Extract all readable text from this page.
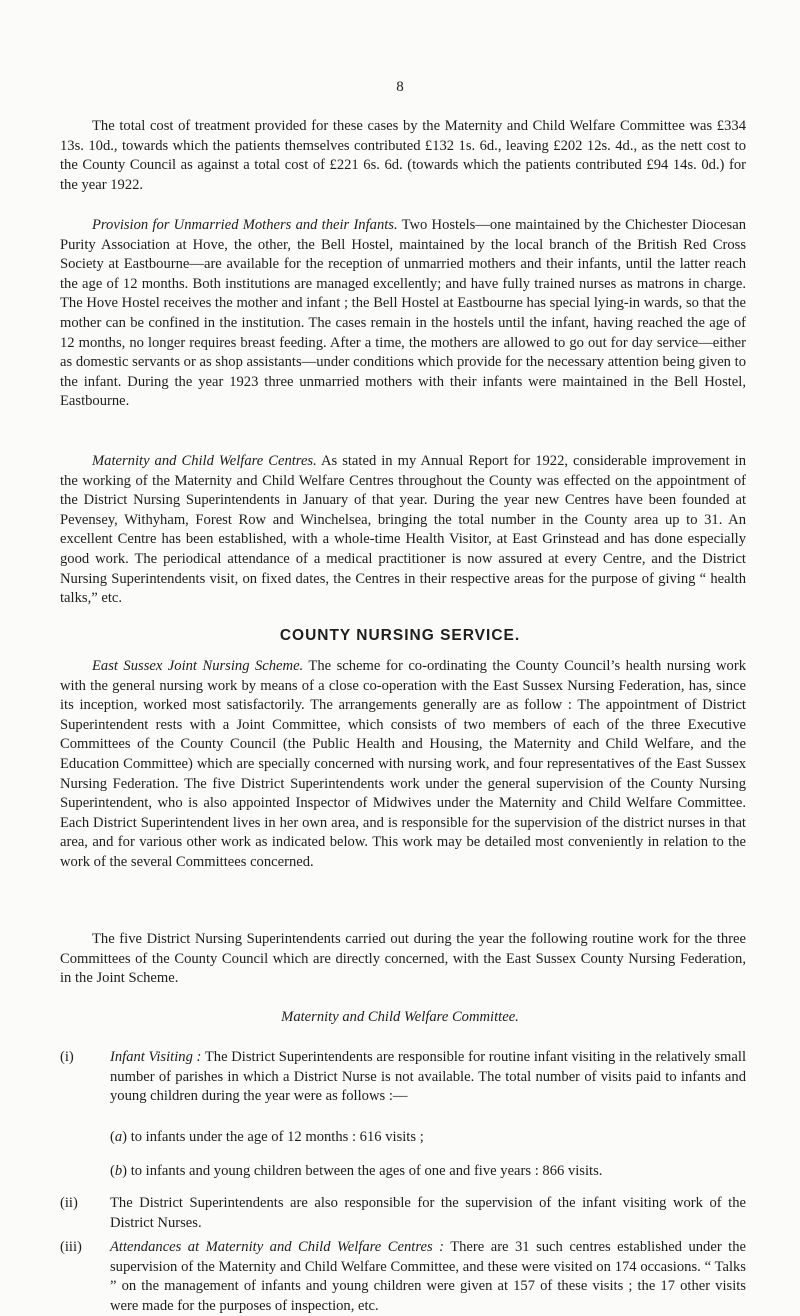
8

The total cost of treatment provided for these cases by the Maternity and Child Welfare Committee was £334 13s. 10d., towards which the patients themselves contributed £132 1s. 6d., leaving £202 12s. 4d., as the nett cost to the County Council as against a total cost of £221 6s. 6d. (towards which the patients contributed £94 14s. 0d.) for the year 1922.

Provision for Unmarried Mothers and their Infants. Two Hostels—one maintained by the Chichester Diocesan Purity Association at Hove, the other, the Bell Hostel, maintained by the local branch of the British Red Cross Society at Eastbourne—are available for the reception of unmarried mothers and their infants, until the latter reach the age of 12 months. Both institutions are managed excellently; and have fully trained nurses as matrons in charge. The Hove Hostel receives the mother and infant ; the Bell Hostel at Eastbourne has special lying-in wards, so that the mother can be confined in the institution. The cases remain in the hostels until the infant, having reached the age of 12 months, no longer requires breast feeding. After a time, the mothers are allowed to go out for day service—either as domestic servants or as shop assistants—under conditions which provide for the necessary attention being given to the infant. During the year 1923 three unmarried mothers with their infants were maintained in the Bell Hostel, Eastbourne.

Maternity and Child Welfare Centres. As stated in my Annual Report for 1922, considerable improvement in the working of the Maternity and Child Welfare Centres throughout the County was effected on the appointment of the District Nursing Superintendents in January of that year. During the year new Centres have been founded at Pevensey, Withyham, Forest Row and Winchelsea, bringing the total number in the County area up to 31. An excellent Centre has been established, with a whole-time Health Visitor, at East Grinstead and has done especially good work. The periodical attendance of a medical practitioner is now assured at every Centre, and the District Nursing Superintendents visit, on fixed dates, the Centres in their respective areas for the purpose of giving “ health talks,” etc.

COUNTY NURSING SERVICE.

East Sussex Joint Nursing Scheme. The scheme for co-ordinating the County Council’s health nursing work with the general nursing work by means of a close co-operation with the East Sussex Nursing Federation, has, since its inception, worked most satisfactorily. The arrangements generally are as follow : The appointment of District Superintendent rests with a Joint Committee, which consists of two members of each of the three Executive Committees of the County Council (the Public Health and Housing, the Maternity and Child Welfare, and the Education Committee) which are specially concerned with nursing work, and four representatives of the East Sussex Nursing Federation. The five District Superintendents work under the general supervision of the County Nursing Superintendent, who is also appointed Inspector of Midwives under the Maternity and Child Welfare Committee. Each District Superintendent lives in her own area, and is responsible for the supervision of the district nurses in that area, and for various other work as indicated below. This work may be detailed most conveniently in relation to the work of the several Committees concerned.

The five District Nursing Superintendents carried out during the year the following routine work for the three Committees of the County Council which are directly concerned, with the East Sussex County Nursing Federation, in the Joint Scheme.

Maternity and Child Welfare Committee.
(i)	Infant Visiting : The District Superintendents are responsible for routine infant visiting in the relatively small number of parishes in which a District Nurse is not available. The total number of visits paid to infants and young children during the year were as follows :—
(a) to infants under the age of 12 months : 616 visits ;
(b) to infants and young children between the ages of one and five years : 866 visits.
(ii)	The District Superintendents are also responsible for the supervision of the infant visiting work of the District Nurses.
(iii)	Attendances at Maternity and Child Welfare Centres : There are 31 such centres established under the supervision of the Maternity and Child Welfare Committee, and these were visited on 174 occasions. “ Talks ” on the management of infants and young children were given at 157 of these visits ; the 17 other visits were made for the purposes of inspection, etc.
